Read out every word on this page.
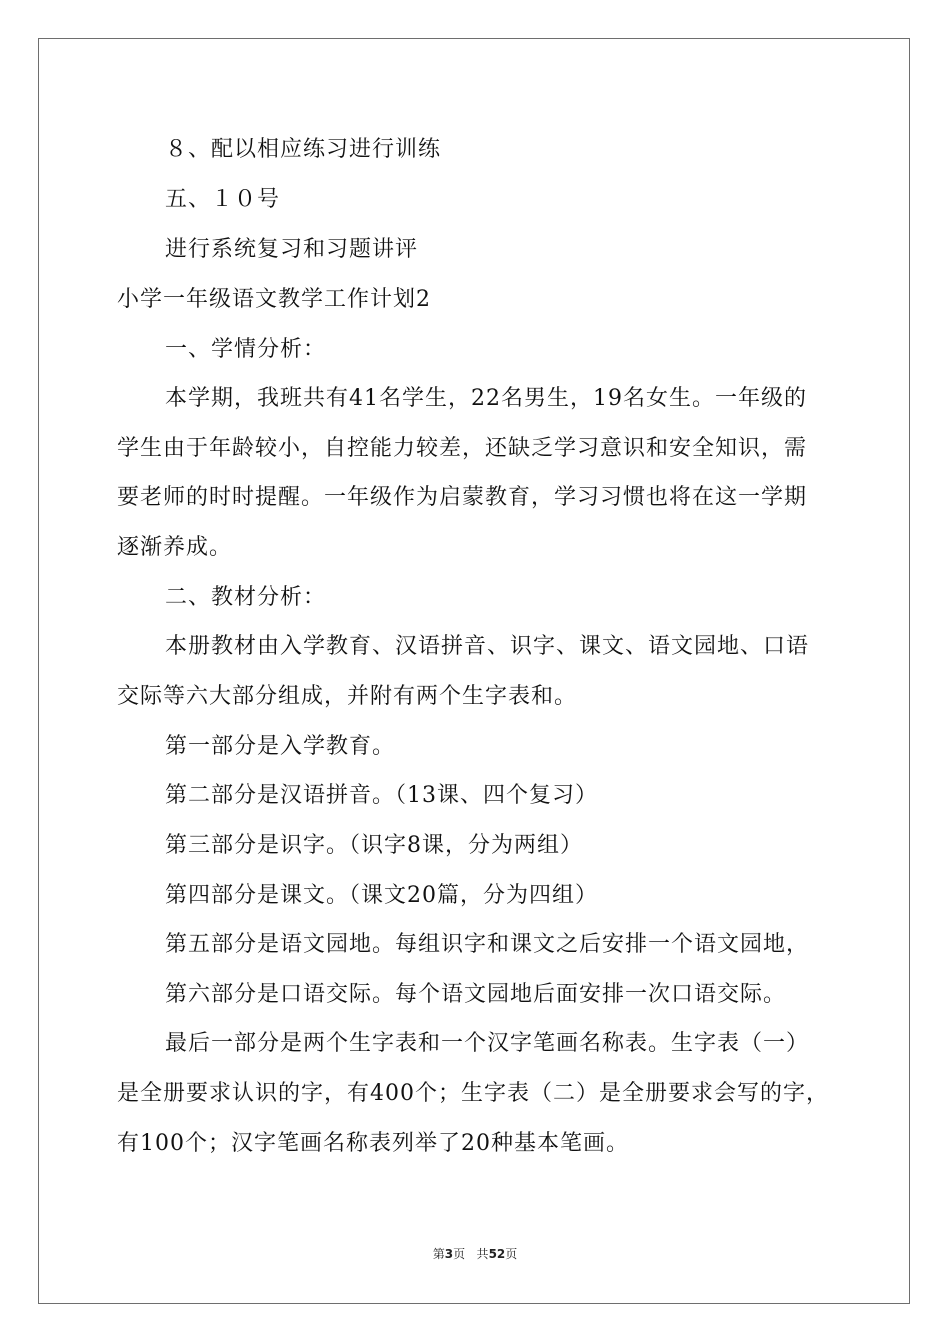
８、配以相应练习进行训练
五、１０号
进行系统复习和习题讲评
小学一年级语文教学工作计划2
一、学情分析：
本学期，我班共有41名学生，22名男生，19名女生。一年级的
学生由于年龄较小，自控能力较差，还缺乏学习意识和安全知识，需
要老师的时时提醒。一年级作为启蒙教育，学习习惯也将在这一学期
逐渐养成。
二、教材分析：
本册教材由入学教育、汉语拼音、识字、课文、语文园地、口语
交际等六大部分组成，并附有两个生字表和。
第一部分是入学教育。
第二部分是汉语拼音。（13课、四个复习）
第三部分是识字。（识字8课，分为两组）
第四部分是课文。（课文20篇，分为四组）
第五部分是语文园地。每组识字和课文之后安排一个语文园地，
第六部分是口语交际。每个语文园地后面安排一次口语交际。
最后一部分是两个生字表和一个汉字笔画名称表。生字表（一）
是全册要求认识的字，有400个；生字表（二）是全册要求会写的字，
有100个；汉字笔画名称表列举了20种基本笔画。
第3页 共52页
